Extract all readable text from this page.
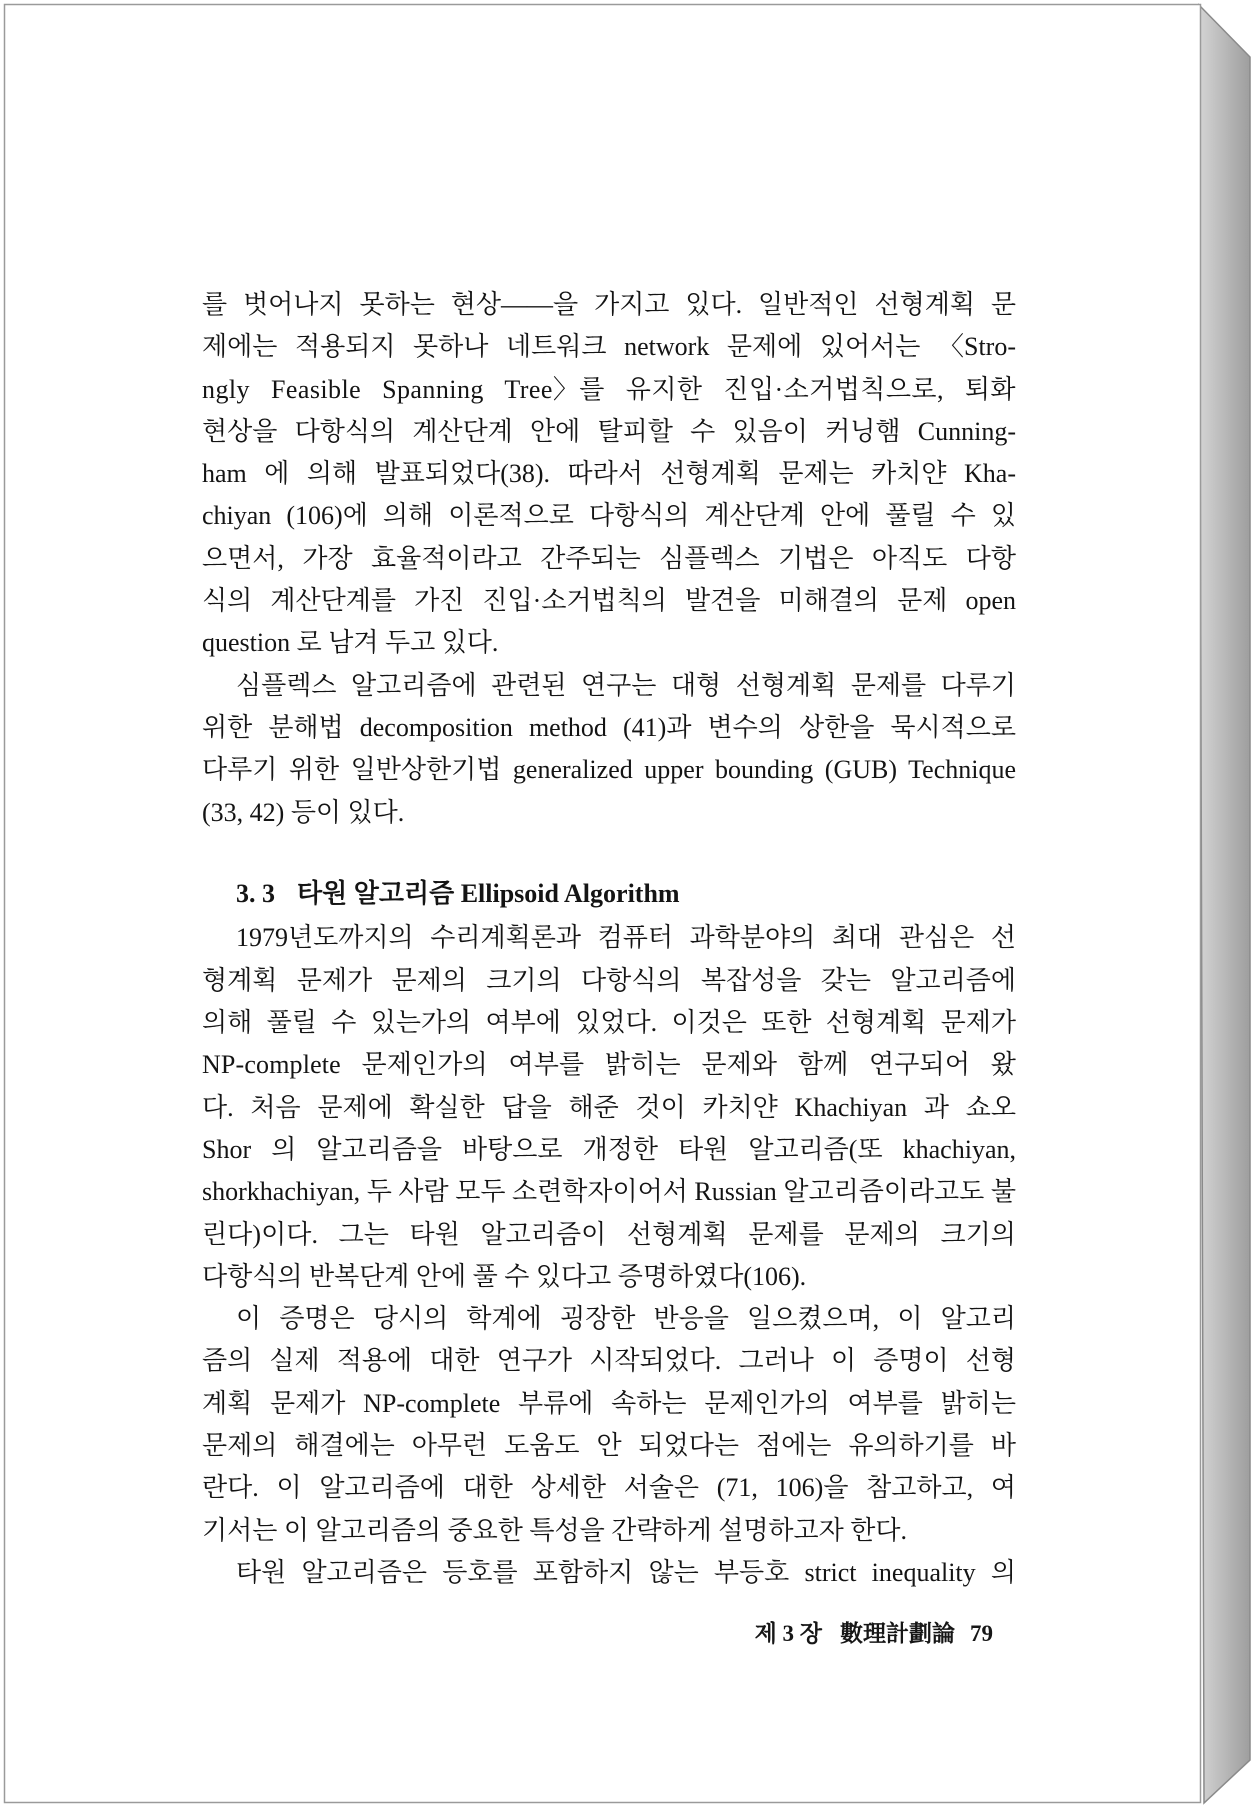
를 벗어나지 못하는 현상——을 가지고 있다. 일반적인 선형계획 문
제에는 적용되지 못하나 네트워크 network 문제에 있어서는 〈Stro-
ngly Feasible Spanning Tree〉를 유지한 진입·소거법칙으로, 퇴화
현상을 다항식의 계산단계 안에 탈피할 수 있음이 커닝햄 Cunning-
ham 에 의해 발표되었다(38). 따라서 선형계획 문제는 카치얀 Kha-
chiyan (106)에 의해 이론적으로 다항식의 계산단계 안에 풀릴 수 있
으면서, 가장 효율적이라고 간주되는 심플렉스 기법은 아직도 다항
식의 계산단계를 가진 진입·소거법칙의 발견을 미해결의 문제 open
question 로 남겨 두고 있다.
심플렉스 알고리즘에 관련된 연구는 대형 선형계획 문제를 다루기
위한 분해법 decomposition method (41)과 변수의 상한을 묵시적으로
다루기 위한 일반상한기법 generalized upper bounding (GUB) Technique
(33, 42) 등이 있다.
3. 3 타원 알고리즘 Ellipsoid Algorithm
1979년도까지의 수리계획론과 컴퓨터 과학분야의 최대 관심은 선
형계획 문제가 문제의 크기의 다항식의 복잡성을 갖는 알고리즘에
의해 풀릴 수 있는가의 여부에 있었다. 이것은 또한 선형계획 문제가
NP-complete 문제인가의 여부를 밝히는 문제와 함께 연구되어 왔
다. 처음 문제에 확실한 답을 해준 것이 카치얀 Khachiyan 과 쇼오
Shor 의 알고리즘을 바탕으로 개정한 타원 알고리즘(또 khachiyan,
shorkhachiyan, 두 사람 모두 소련학자이어서 Russian 알고리즘이라고도 불
린다)이다. 그는 타원 알고리즘이 선형계획 문제를 문제의 크기의
다항식의 반복단계 안에 풀 수 있다고 증명하였다(106).
이 증명은 당시의 학계에 굉장한 반응을 일으켰으며, 이 알고리
즘의 실제 적용에 대한 연구가 시작되었다. 그러나 이 증명이 선형
계획 문제가 NP-complete 부류에 속하는 문제인가의 여부를 밝히는
문제의 해결에는 아무런 도움도 안 되었다는 점에는 유의하기를 바
란다. 이 알고리즘에 대한 상세한 서술은 (71, 106)을 참고하고, 여
기서는 이 알고리즘의 중요한 특성을 간략하게 설명하고자 한다.
타원 알고리즘은 등호를 포함하지 않는 부등호 strict inequality 의
제 3 장 數理計劃論 79
